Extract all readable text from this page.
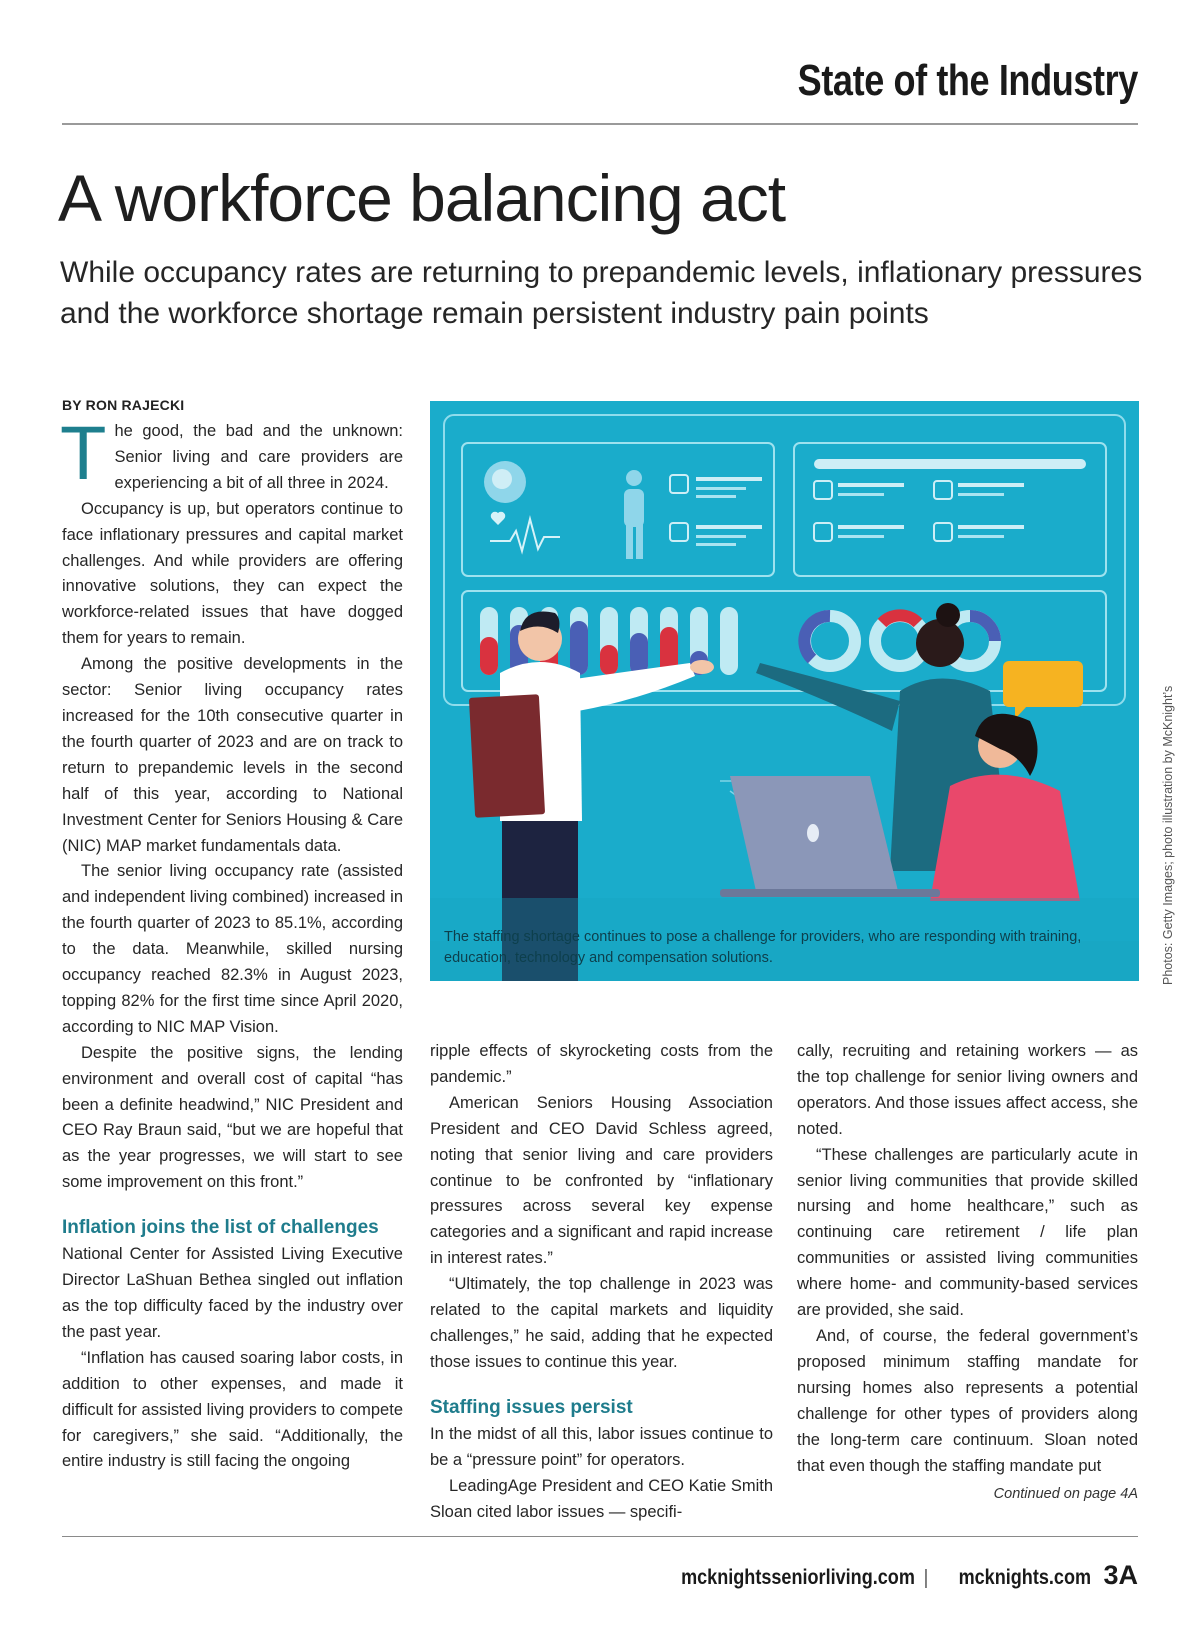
State of the Industry
A workforce balancing act
While occupancy rates are returning to prepandemic levels, inflationary pressures and the workforce shortage remain persistent industry pain points
BY RON RAJECKI

The good, the bad and the unknown: Senior living and care providers are experiencing a bit of all three in 2024.

Occupancy is up, but operators continue to face inflationary pressures and capital market challenges. And while providers are offering innovative solutions, they can expect the workforce-related issues that have dogged them for years to remain.

Among the positive developments in the sector: Senior living occupancy rates increased for the 10th consecutive quarter in the fourth quarter of 2023 and are on track to return to prepandemic levels in the second half of this year, according to National Investment Center for Seniors Housing & Care (NIC) MAP market fundamentals data.

The senior living occupancy rate (assisted and independent living combined) increased in the fourth quarter of 2023 to 85.1%, according to the data. Meanwhile, skilled nursing occupancy reached 82.3% in August 2023, topping 82% for the first time since April 2020, according to NIC MAP Vision.

Despite the positive signs, the lending environment and overall cost of capital “has been a definite headwind,” NIC President and CEO Ray Braun said, “but we are hopeful that as the year progresses, we will start to see some improvement on this front.”

Inflation joins the list of challenges

National Center for Assisted Living Executive Director LaShuan Bethea singled out inflation as the top difficulty faced by the industry over the past year.

“Inflation has caused soaring labor costs, in addition to other expenses, and made it difficult for assisted living providers to compete for caregivers,” she said. “Additionally, the entire industry is still facing the ongoing

ripple effects of skyrocketing costs from the pandemic.”

American Seniors Housing Association President and CEO David Schless agreed, noting that senior living and care providers continue to be confronted by “inflationary pressures across several key expense categories and a significant and rapid increase in interest rates.”

“Ultimately, the top challenge in 2023 was related to the capital markets and liquidity challenges,” he said, adding that he expected those issues to continue this year.

Staffing issues persist

In the midst of all this, labor issues continue to be a “pressure point” for operators.

LeadingAge President and CEO Katie Smith Sloan cited labor issues — specifi-

cally, recruiting and retaining workers — as the top challenge for senior living owners and operators. And those issues affect access, she noted.

“These challenges are particularly acute in senior living communities that provide skilled nursing and home healthcare,” such as continuing care retirement / life plan communities or assisted living communities where home- and community-based services are provided, she said.

And, of course, the federal government’s proposed minimum staffing mandate for nursing homes also represents a potential challenge for other types of providers along the long-term care continuum. Sloan noted that even though the staffing mandate put

Continued on page 4A
The staffing shortage continues to pose a challenge for providers, who are responding with training, education, technology and compensation solutions.	Photos: Getty Images; photo illustration by McKnight’s
mcknightsseniorliving.com | mcknights.com 3A
